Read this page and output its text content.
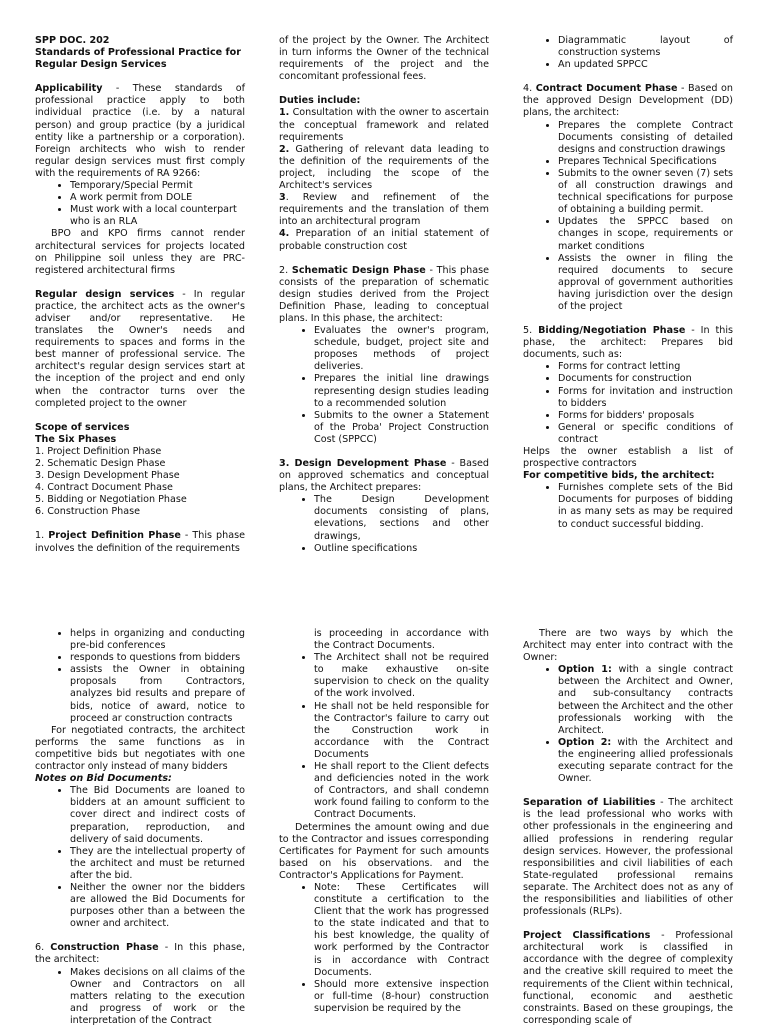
SPP DOC. 202

Standards of Professional Practice for Regular Design Services

Applicability - These standards of professional practice apply to both individual practice (i.e. by a natural person) and group practice (by a juridical entity like a partnership or a corporation). Foreign architects who wish to render regular design services must first comply with the requirements of RA 9266:

• Temporary/Special Permit
• A work permit from DOLE
• Must work with a local counterpart who is an RLA

BPO and KPO firms cannot render architectural services for projects located on Philippine soil unless they are PRC-registered architectural firms

Regular design services - In regular practice, the architect acts as the owner's adviser and/or representative. He translates the Owner's needs and requirements to spaces and forms in the best manner of professional service. The architect's regular design services start at the inception of the project and end only when the contractor turns over the completed project to the owner

Scope of services

The Six Phases

1. Project Definition Phase
2. Schematic Design Phase
3. Design Development Phase
4. Contract Document Phase
5. Bidding or Negotiation Phase
6. Construction Phase

1. Project Definition Phase - This phase involves the definition of the requirements

of the project by the Owner. The Architect in turn informs the Owner of the technical requirements of the project and the concomitant professional fees.

Duties include:

1. Consultation with the owner to ascertain the conceptual framework and related requirements

2. Gathering of relevant data leading to the definition of the requirements of the project, including the scope of the Architect's services

3. Review and refinement of the requirements and the translation of them into an architectural program

4. Preparation of an initial statement of probable construction cost

2. Schematic Design Phase - This phase consists of the preparation of schematic design studies derived from the Project Definition Phase, leading to conceptual plans. In this phase, the architect:

• Evaluates the owner's program, schedule, budget, project site and proposes methods of project deliveries.
• Prepares the initial line drawings representing design studies leading to a recommended solution
• Submits to the owner a Statement of the Proba' Project Construction Cost (SPPCC)

3. Design Development Phase - Based on approved schematics and conceptual plans, the Architect prepares:

• The Design Development documents consisting of plans, elevations, sections and other drawings,
• Outline specifications
• Diagrammatic layout of construction systems
• An updated SPPCC

4. Contract Document Phase - Based on the approved Design Development (DD) plans, the architect:

• Prepares the complete Contract Documents consisting of detailed designs and construction drawings
• Prepares Technical Specifications
• Submits to the owner seven (7) sets of all construction drawings and technical specifications for purpose of obtaining a building permit.
• Updates the SPPCC based on changes in scope, requirements or market conditions
• Assists the owner in filing the required documents to secure approval of government authorities having jurisdiction over the design of the project

5. Bidding/Negotiation Phase - In this phase, the architect: Prepares bid documents, such as:

• Forms for contract letting
• Documents for construction
• Forms for invitation and instruction to bidders
• Forms for bidders' proposals
• General or specific conditions of contract

Helps the owner establish a list of prospective contractors

For competitive bids, the architect:

• Furnishes complete sets of the Bid Documents for purposes of bidding in as many sets as may be required to conduct successful bidding.
• helps in organizing and conducting pre-bid conferences
• responds to questions from bidders
• assists the Owner in obtaining proposals from Contractors, analyzes bid results and prepare of bids, notice of award, notice to proceed ar construction contracts

For negotiated contracts, the architect performs the same functions as in competitive bids but negotiates with one contractor only instead of many bidders

Notes on Bid Documents:

• The Bid Documents are loaned to bidders at an amount sufficient to cover direct and indirect costs of preparation, reproduction, and delivery of said documents.
• They are the intellectual property of the architect and must be returned after the bid.
• Neither the owner nor the bidders are allowed the Bid Documents for purposes other than a between the owner and architect.

6. Construction Phase - In this phase, the architect:

• Makes decisions on all claims of the Owner and Contractors on all matters relating to the execution and progress of work or the interpretation of the Contract

is proceeding in accordance with the Contract Documents.

• The Architect shall not be required to make exhaustive on-site supervision to check on the quality of the work involved.
• He shall not be held responsible for the Contractor's failure to carry out the Construction work in accordance with the Contract Documents
• He shall report to the Client defects and deficiencies noted in the work of Contractors, and shall condemn work found failing to conform to the Contract Documents.

Determines the amount owing and due to the Contractor and issues corresponding Certificates for Payment for such amounts based on his observations. and the Contractor's Applications for Payment.

• Note: These Certificates will constitute a certification to the Client that the work has progressed to the state indicated and that to his best knowledge, the quality of work performed by the Contractor is in accordance with Contract Documents.
• Should more extensive inspection or full-time (8-hour) construction supervision be required by the

There are two ways by which the Architect may enter into contract with the Owner:

• Option 1: with a single contract between the Architect and Owner, and sub-consultancy contracts between the Architect and the other professionals working with the Architect.
• Option 2: with the Architect and the engineering allied professionals executing separate contract for the Owner.

Separation of Liabilities - The architect is the lead professional who works with other professionals in the engineering and allied professions in rendering regular design services. However, the professional responsibilities and civil liabilities of each State-regulated professional remains separate. The Architect does not as any of the responsibilities and liabilities of other professionals (RLPs).

Project Classifications - Professional architectural work is classified in accordance with the degree of complexity and the creative skill required to meet the requirements of the Client within technical, functional, economic and aesthetic constraints. Based on these groupings, the corresponding scale of
